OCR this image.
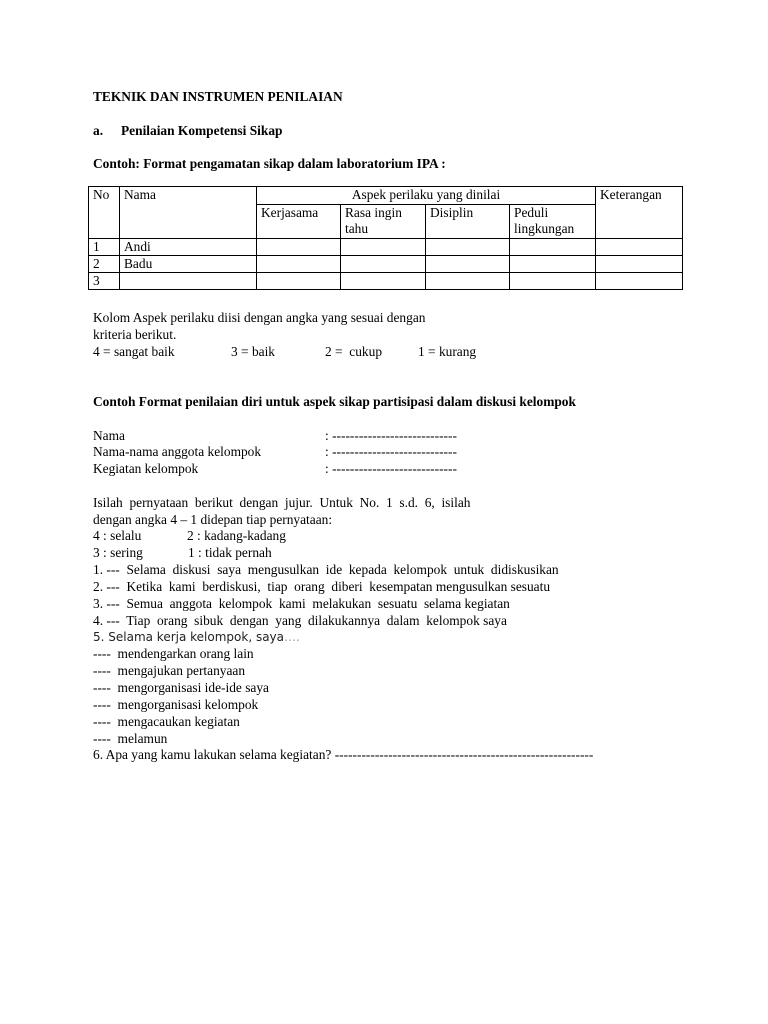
TEKNIK DAN INSTRUMEN PENILAIAN
a. Penilaian Kompetensi Sikap
Contoh: Format pengamatan sikap dalam laboratorium IPA :
No	Nama	Aspek perilaku yang dinilai				Keterangan
		Kerjasama	Rasa ingin tahu	Disiplin	Peduli lingkungan	
1	Andi					
2	Badu					
3						
Kolom Aspek perilaku diisi dengan angka yang sesuai dengan
kriteria berikut.
4 = sangat baik	3 = baik	2 =  cukup	1 = kurang
Contoh Format penilaian diri untuk aspek sikap partisipasi dalam diskusi kelompok
Nama	: ----------------------------
Nama-nama anggota kelompok	: ----------------------------
Kegiatan kelompok	: ----------------------------
Isilah  pernyataan  berikut  dengan  jujur.  Untuk  No.  1  s.d.  6,  isilah
dengan angka 4 – 1 didepan tiap pernyataan:
4 : selalu	2 : kadang-kadang
3 : sering	1 : tidak pernah
1. ---  Selama  diskusi  saya  mengusulkan  ide  kepada  kelompok  untuk  didiskusikan
2. ---  Ketika  kami  berdiskusi,  tiap  orang  diberi  kesempatan mengusulkan sesuatu
3. ---  Semua  anggota  kelompok  kami  melakukan  sesuatu  selama kegiatan
4. ---  Tiap  orang  sibuk  dengan  yang  dilakukannya  dalam  kelompok saya
5. Selama kerja kelompok, saya….
----  mendengarkan orang lain
----  mengajukan pertanyaan
----  mengorganisasi ide-ide saya
----  mengorganisasi kelompok
----  mengacaukan kegiatan
----  melamun
6. Apa yang kamu lakukan selama kegiatan? ----------------------------------------------------------
